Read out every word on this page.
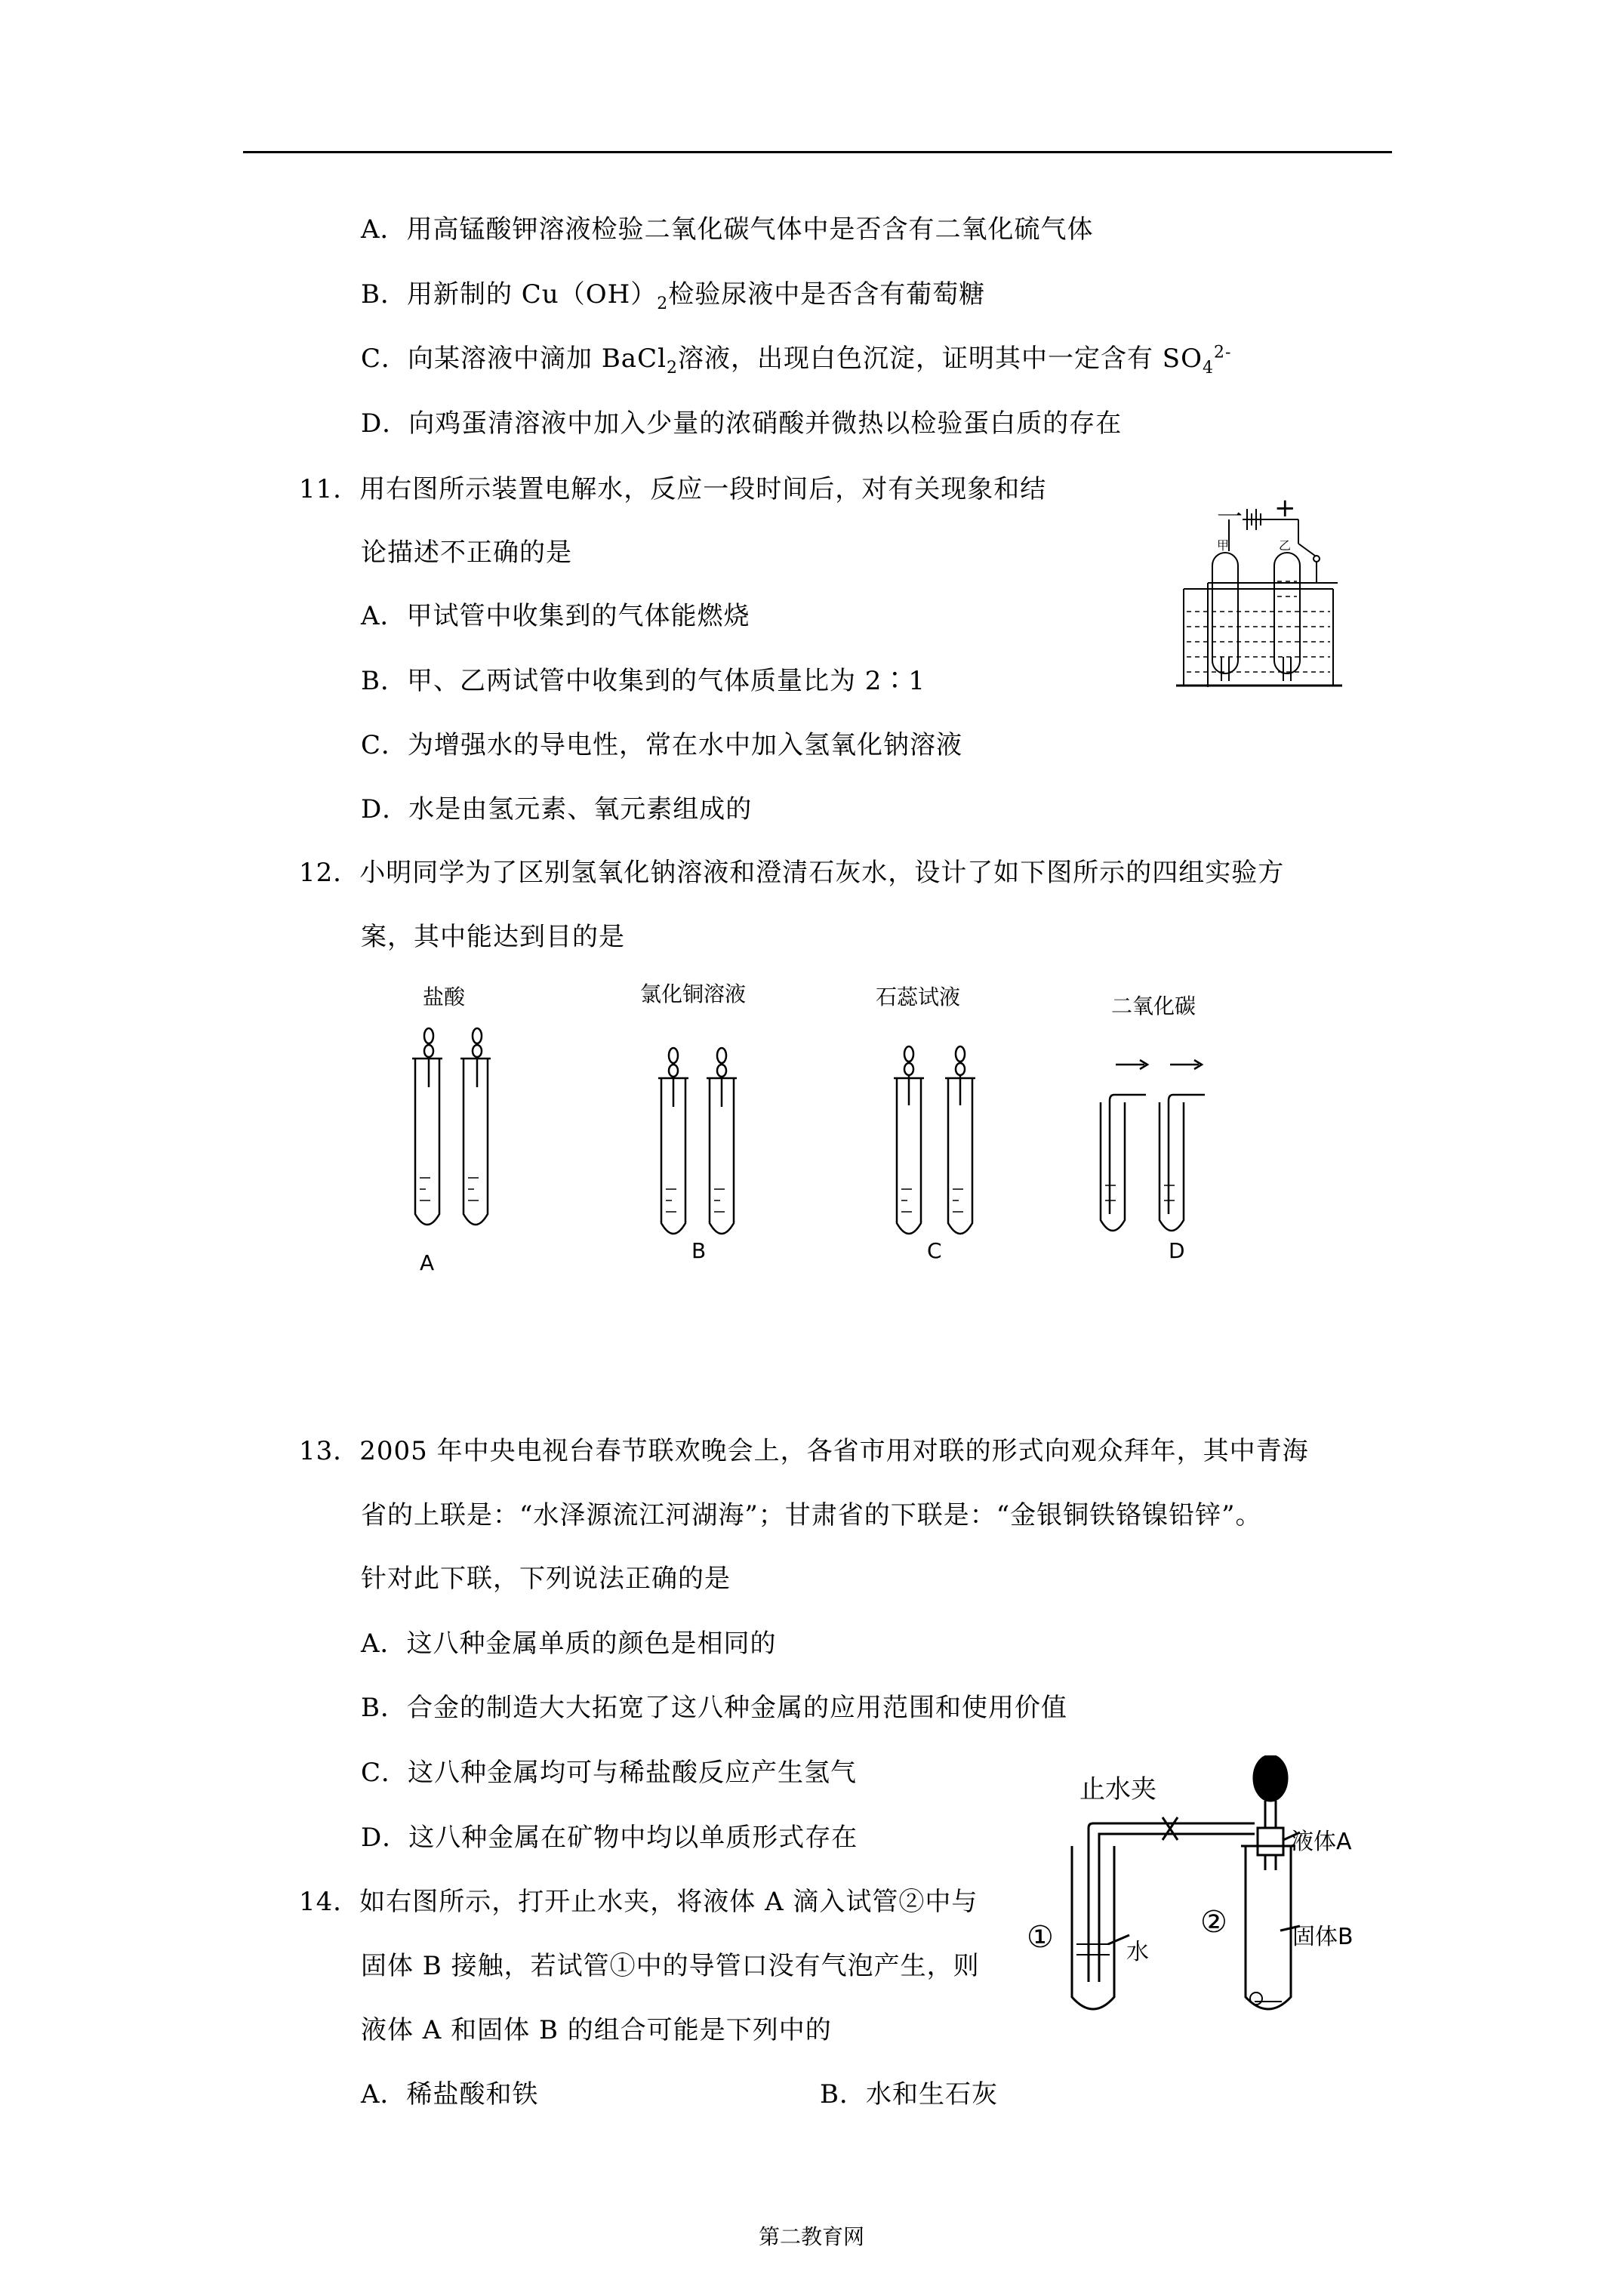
A．用高锰酸钾溶液检验二氧化碳气体中是否含有二氧化硫气体
B．用新制的 $Cu(OH)_2$检验尿液中是否含有葡萄糖
C．向某溶液中滴加 BaCl$_2$溶液，出现白色沉淀，证明其中一定含有 $SO_4^{2-}$
D．向鸡蛋清溶液中加入少量的浓硝酸并微热以检验蛋白质的存在
11．用右图所示装置电解水，反应一段时间后，对有关现象和结
论描述不正确的是
A．甲试管中收集到的气体能燃烧
B．甲、乙两试管中收集到的气体质量比为 2∶1
C．为增强水的导电性，常在水中加入氢氧化钠溶液
D．水是由氢元素、氧元素组成的
一 +
甲	乙
12．小明同学为了区别氢氧化钠溶液和澄清石灰水，设计了如下图所示的四组实验方
案，其中能达到目的是
盐酸	氯化铜溶液	石蕊试液	二氧化碳
A	B	C	D
13．2005 年中央电视台春节联欢晚会上，各省市用对联的形式向观众拜年，其中青海
省的上联是：“水泽源流江河湖海”；甘肃省的下联是：“金银铜铁铬镍铅锌”。
针对此下联，下列说法正确的是
A．这八种金属单质的颜色是相同的
B．合金的制造大大拓宽了这八种金属的应用范围和使用价值
C．这八种金属均可与稀盐酸反应产生氢气
D．这八种金属在矿物中均以单质形式存在
14．如右图所示，打开止水夹，将液体 A 滴入试管②中与
固体 B 接触，若试管①中的导管口没有气泡产生，则
液体 A 和固体 B 的组合可能是下列中的
A．稀盐酸和铁	B．水和生石灰
止水夹
液体A
固体B
水
①	②
第二教育网
